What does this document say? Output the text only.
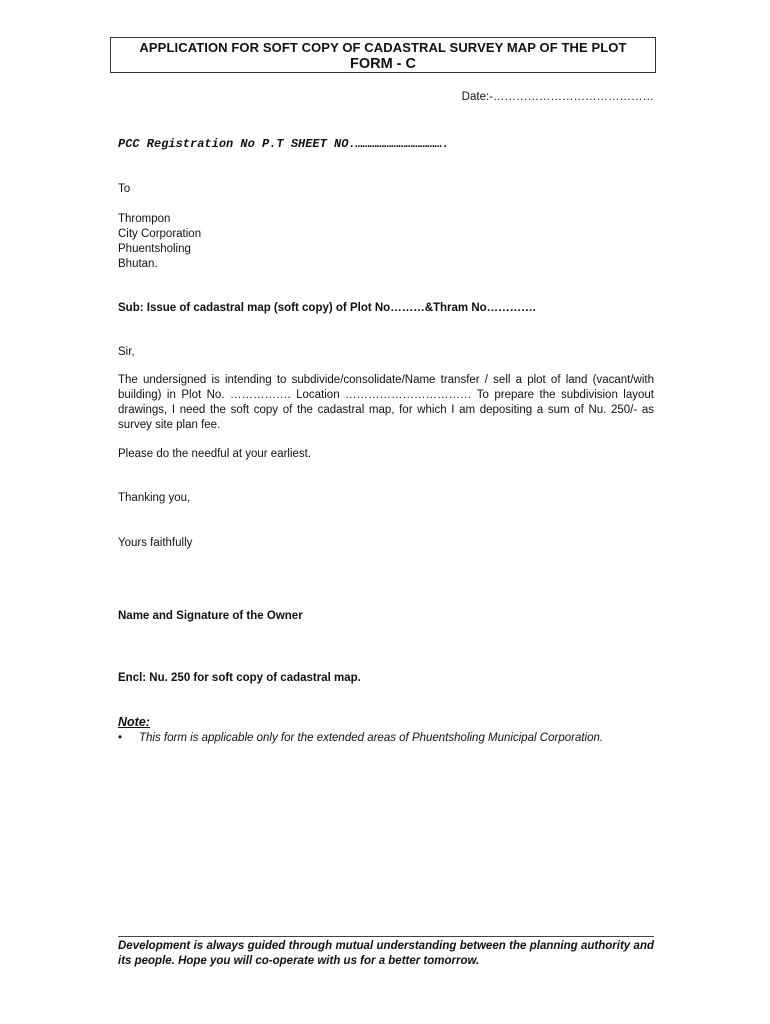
APPLICATION FOR SOFT COPY OF CADASTRAL SURVEY MAP OF THE PLOT
FORM - C
Date:-……………………………………
PCC Registration No P.T SHEET NO.……………………………….
To
Thrompon
City Corporation
Phuentsholing
Bhutan.
Sub: Issue of cadastral map (soft copy) of Plot No………&Thram No………….
Sir,
The undersigned is intending to subdivide/consolidate/Name transfer / sell a plot of land (vacant/with building) in Plot No. ……………. Location …………………………… To prepare the subdivision layout drawings, I need the soft copy of the cadastral map, for which I am depositing a sum of Nu. 250/- as survey site plan fee.
Please do the needful at your earliest.
Thanking you,
Yours faithfully
Name and Signature of the Owner
Encl: Nu. 250 for soft copy of cadastral map.
Note:
• This form is applicable only for the extended areas of Phuentsholing Municipal Corporation.
Development is always guided through mutual understanding between the planning authority and its people. Hope you will co-operate with us for a better tomorrow.
